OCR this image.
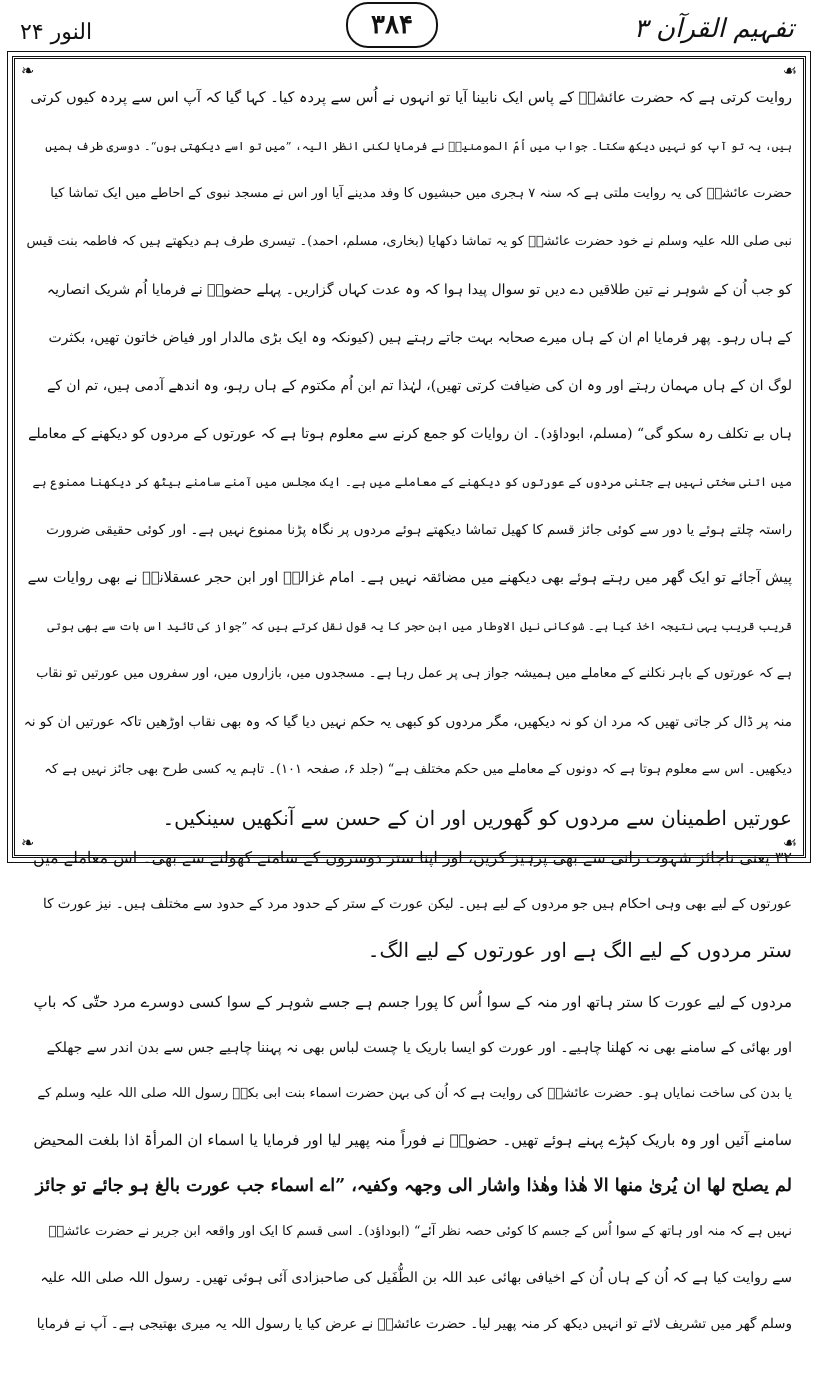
النور ۲۴	۳۸۴	تفہیم القرآن ۳
❧	☙
❧	☙
روایت کرتی ہے کہ حضرت عائشہؓ کے پاس ایک نابینا آیا تو انہوں نے اُس سے پردہ کیا۔ کہا گیا کہ آپ اس سے پردہ کیوں کرتی
ہیں، یہ تو آپ کو نہیں دیکھ سکتا۔ جواب میں اُمّ المومنینؓ نے فرمایا لکنی انظر الیہ، ”میں تو اسے دیکھتی ہوں“۔ دوسری طرف ہمیں
حضرت عائشہؓ کی یہ روایت ملتی ہے کہ سنہ ۷ ہجری میں حبشیوں کا وفد مدینے آیا اور اس نے مسجد نبوی کے احاطے میں ایک تماشا کیا
نبی صلی اللہ علیہ وسلم نے خود حضرت عائشہؓ کو یہ تماشا دکھایا (بخاری، مسلم، احمد)۔ تیسری طرف ہم دیکھتے ہیں کہ فاطمہ بنت قیس
کو جب اُن کے شوہر نے تین طلاقیں دے دیں تو سوال پیدا ہوا کہ وہ عدت کہاں گزاریں۔ پہلے حضورؐ نے فرمایا اُم شریک انصاریہ
کے ہاں رہو۔ پھر فرمایا ام ان کے ہاں میرے صحابہ بہت جاتے رہتے ہیں (کیونکہ وہ ایک بڑی مالدار اور فیاض خاتون تھیں، بکثرت
لوگ ان کے ہاں مہمان رہتے اور وہ ان کی ضیافت کرتی تھیں)، لہٰذا تم ابن اُم مکتوم کے ہاں رہو، وہ اندھے آدمی ہیں، تم ان کے
ہاں بے تکلف رہ سکو گی“ (مسلم، ابوداؤد)۔ ان روایات کو جمع کرنے سے معلوم ہوتا ہے کہ عورتوں کے مردوں کو دیکھنے کے معاملے
میں اتنی سختی نہیں ہے جتنی مردوں کے عورتوں کو دیکھنے کے معاملے میں ہے۔ ایک مجلس میں آمنے سامنے بیٹھ کر دیکھنا ممنوع ہے
راستہ چلتے ہوئے یا دور سے کوئی جائز قسم کا کھیل تماشا دیکھتے ہوئے مردوں پر نگاہ پڑنا ممنوع نہیں ہے۔ اور کوئی حقیقی ضرورت
پیش آجائے تو ایک گھر میں رہتے ہوئے بھی دیکھنے میں مضائقہ نہیں ہے۔ امام غزالیؒ اور ابن حجر عسقلانیؒ نے بھی روایات سے
قریب قریب یہی نتیجہ اخذ کیا ہے۔ شوکانی نیل الاوطار میں ابن حجر کا یہ قول نقل کرتے ہیں کہ ”جواز کی تائید اس بات سے بھی ہوتی
ہے کہ عورتوں کے باہر نکلنے کے معاملے میں ہمیشہ جواز ہی پر عمل رہا ہے۔ مسجدوں میں، بازاروں میں، اور سفروں میں عورتیں تو نقاب
منہ پر ڈال کر جاتی تھیں کہ مرد ان کو نہ دیکھیں، مگر مردوں کو کبھی یہ حکم نہیں دیا گیا کہ وہ بھی نقاب اوڑھیں تاکہ عورتیں ان کو نہ
دیکھیں۔ اس سے معلوم ہوتا ہے کہ دونوں کے معاملے میں حکم مختلف ہے“ (جلد ۶، صفحہ ۱۰۱)۔ تاہم یہ کسی طرح بھی جائز نہیں ہے کہ
عورتیں اطمینان سے مردوں کو گھوریں اور ان کے حسن سے آنکھیں سینکیں۔
۳۲ یعنی ناجائز شہوت رانی سے بھی پرہیز کریں، اور اپنا ستر دوسروں کے سامنے کھولنے سے بھی۔ اس معاملے میں
عورتوں کے لیے بھی وہی احکام ہیں جو مردوں کے لیے ہیں۔ لیکن عورت کے ستر کے حدود مرد کے حدود سے مختلف ہیں۔ نیز عورت کا
ستر مردوں کے لیے الگ ہے اور عورتوں کے لیے الگ۔
مردوں کے لیے عورت کا ستر ہاتھ اور منہ کے سوا اُس کا پورا جسم ہے جسے شوہر کے سوا کسی دوسرے مرد حتّٰی کہ باپ
اور بھائی کے سامنے بھی نہ کھلنا چاہیے۔ اور عورت کو ایسا باریک یا چست لباس بھی نہ پہننا چاہیے جس سے بدن اندر سے جھلکے
یا بدن کی ساخت نمایاں ہو۔ حضرت عائشہؓ کی روایت ہے کہ اُن کی بہن حضرت اسماء بنت ابی بکرؓ رسول اللہ صلی اللہ علیہ وسلم کے
سامنے آئیں اور وہ باریک کپڑے پہنے ہوئے تھیں۔ حضورؐ نے فوراً منہ پھیر لیا اور فرمایا یا اسماء ان المرأۃ اذا بلغت المحیض
لم یصلح لھا ان یُریٰ منھا الا ھٰذا وھٰذا واشار الی وجھہ وکفیہ، ”اے اسماء جب عورت بالغ ہو جائے تو جائز
نہیں ہے کہ منہ اور ہاتھ کے سوا اُس کے جسم کا کوئی حصہ نظر آئے“ (ابوداؤد)۔ اسی قسم کا ایک اور واقعہ ابن جریر نے حضرت عائشہؓ
سے روایت کیا ہے کہ اُن کے ہاں اُن کے اخیافی بھائی عبد اللہ بن الطُّفَیل کی صاحبزادی آئی ہوئی تھیں۔ رسول اللہ صلی اللہ علیہ
وسلم گھر میں تشریف لائے تو انہیں دیکھ کر منہ پھیر لیا۔ حضرت عائشہؓ نے عرض کیا یا رسول اللہ یہ میری بھتیجی ہے۔ آپ نے فرمایا
